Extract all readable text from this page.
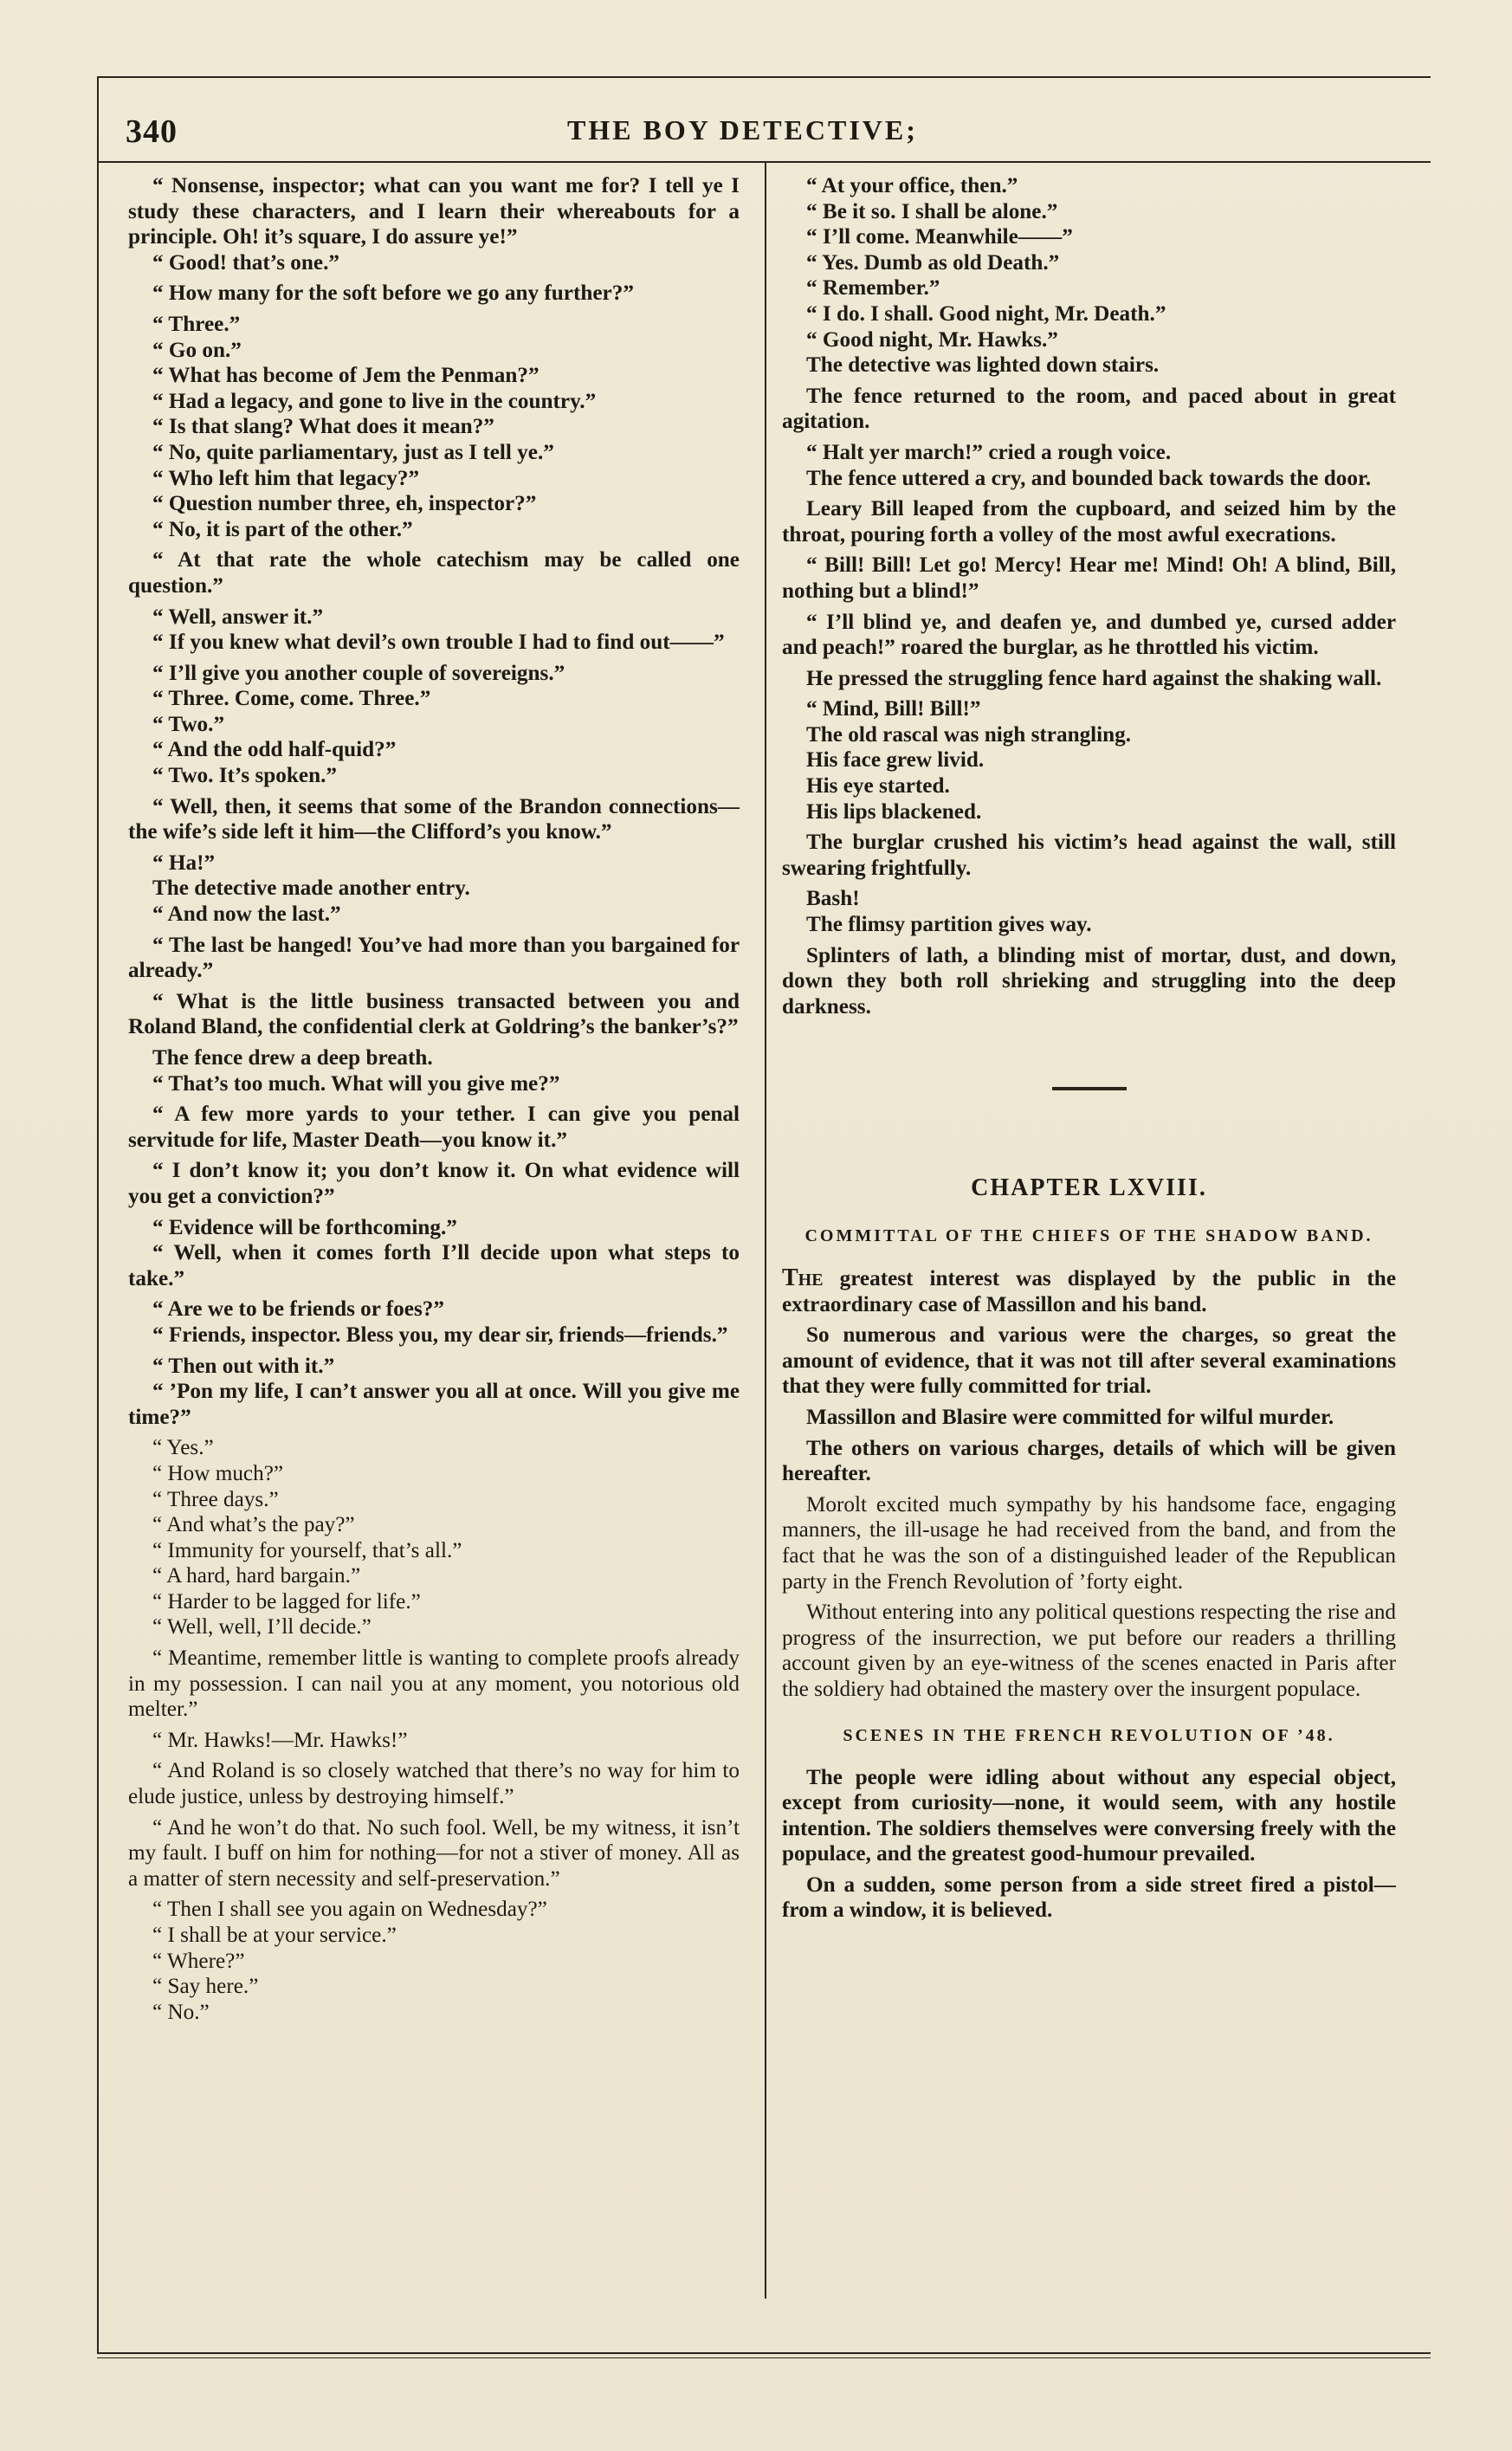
340	THE BOY DETECTIVE;

“ Nonsense, inspector; what can you want me for? I tell ye I study these characters, and I learn their whereabouts for a principle. Oh! it’s square, I do assure ye!”

“ Good! that’s one.”

“ How many for the soft before we go any further?”

“ Three.”

“ Go on.”

“ What has become of Jem the Penman?”

“ Had a legacy, and gone to live in the country.”

“ Is that slang? What does it mean?”

“ No, quite parliamentary, just as I tell ye.”

“ Who left him that legacy?”

“ Question number three, eh, inspector?”

“ No, it is part of the other.”

“ At that rate the whole catechism may be called one question.”

“ Well, answer it.”

“ If you knew what devil’s own trouble I had to find out——”

“ I’ll give you another couple of sovereigns.”

“ Three. Come, come. Three.”

“ Two.”

“ And the odd half-quid?”

“ Two. It’s spoken.”

“ Well, then, it seems that some of the Brandon connections—the wife’s side left it him—the Clifford’s you know.”

“ Ha!”

The detective made another entry.

“ And now the last.”

“ The last be hanged! You’ve had more than you bargained for already.”

“ What is the little business transacted between you and Roland Bland, the confidential clerk at Goldring’s the banker’s?”

The fence drew a deep breath.

“ That’s too much. What will you give me?”

“ A few more yards to your tether. I can give you penal servitude for life, Master Death—you know it.”

“ I don’t know it; you don’t know it. On what evidence will you get a conviction?”

“ Evidence will be forthcoming.”

“ Well, when it comes forth I’ll decide upon what steps to take.”

“ Are we to be friends or foes?”

“ Friends, inspector. Bless you, my dear sir, friends—friends.”

“ Then out with it.”

“ ’Pon my life, I can’t answer you all at once. Will you give me time?”

“ Yes.”

“ How much?”

“ Three days.”

“ And what’s the pay?”

“ Immunity for yourself, that’s all.”

“ A hard, hard bargain.”

“ Harder to be lagged for life.”

“ Well, well, I’ll decide.”

“ Meantime, remember little is wanting to complete proofs already in my possession. I can nail you at any moment, you notorious old melter.”

“ Mr. Hawks!—Mr. Hawks!”

“ And Roland is so closely watched that there’s no way for him to elude justice, unless by destroying himself.”

“ And he won’t do that. No such fool. Well, be my witness, it isn’t my fault. I buff on him for nothing—for not a stiver of money. All as a matter of stern necessity and self-preservation.”

“ Then I shall see you again on Wednesday?”

“ I shall be at your service.”

“ Where?”

“ Say here.”

“ No.”

“ At your office, then.”

“ Be it so. I shall be alone.”

“ I’ll come. Meanwhile——”

“ Yes. Dumb as old Death.”

“ Remember.”

“ I do. I shall. Good night, Mr. Death.”

“ Good night, Mr. Hawks.”

The detective was lighted down stairs.

The fence returned to the room, and paced about in great agitation.

“ Halt yer march!” cried a rough voice.

The fence uttered a cry, and bounded back towards the door.

Leary Bill leaped from the cupboard, and seized him by the throat, pouring forth a volley of the most awful execrations.

“ Bill! Bill! Let go! Mercy! Hear me! Mind! Oh! A blind, Bill, nothing but a blind!”

“ I’ll blind ye, and deafen ye, and dumbed ye, cursed adder and peach!” roared the burglar, as he throttled his victim.

He pressed the struggling fence hard against the shaking wall.

“ Mind, Bill! Bill!”

The old rascal was nigh strangling.

His face grew livid.

His eye started.

His lips blackened.

The burglar crushed his victim’s head against the wall, still swearing frightfully.

Bash!

The flimsy partition gives way.

Splinters of lath, a blinding mist of mortar, dust, and down, down they both roll shrieking and struggling into the deep darkness.

CHAPTER LXVIII.
COMMITTAL OF THE CHIEFS OF THE SHADOW BAND.

The greatest interest was displayed by the public in the extraordinary case of Massillon and his band.

So numerous and various were the charges, so great the amount of evidence, that it was not till after several examinations that they were fully committed for trial.

Massillon and Blasire were committed for wilful murder.

The others on various charges, details of which will be given hereafter.

Morolt excited much sympathy by his handsome face, engaging manners, the ill-usage he had received from the band, and from the fact that he was the son of a distinguished leader of the Republican party in the French Revolution of ’forty eight.

Without entering into any political questions respecting the rise and progress of the insurrection, we put before our readers a thrilling account given by an eye-witness of the scenes enacted in Paris after the soldiery had obtained the mastery over the insurgent populace.

SCENES IN THE FRENCH REVOLUTION OF ’48.

The people were idling about without any especial object, except from curiosity—none, it would seem, with any hostile intention. The soldiers themselves were conversing freely with the populace, and the greatest good-humour prevailed.

On a sudden, some person from a side street fired a pistol—from a window, it is believed.
